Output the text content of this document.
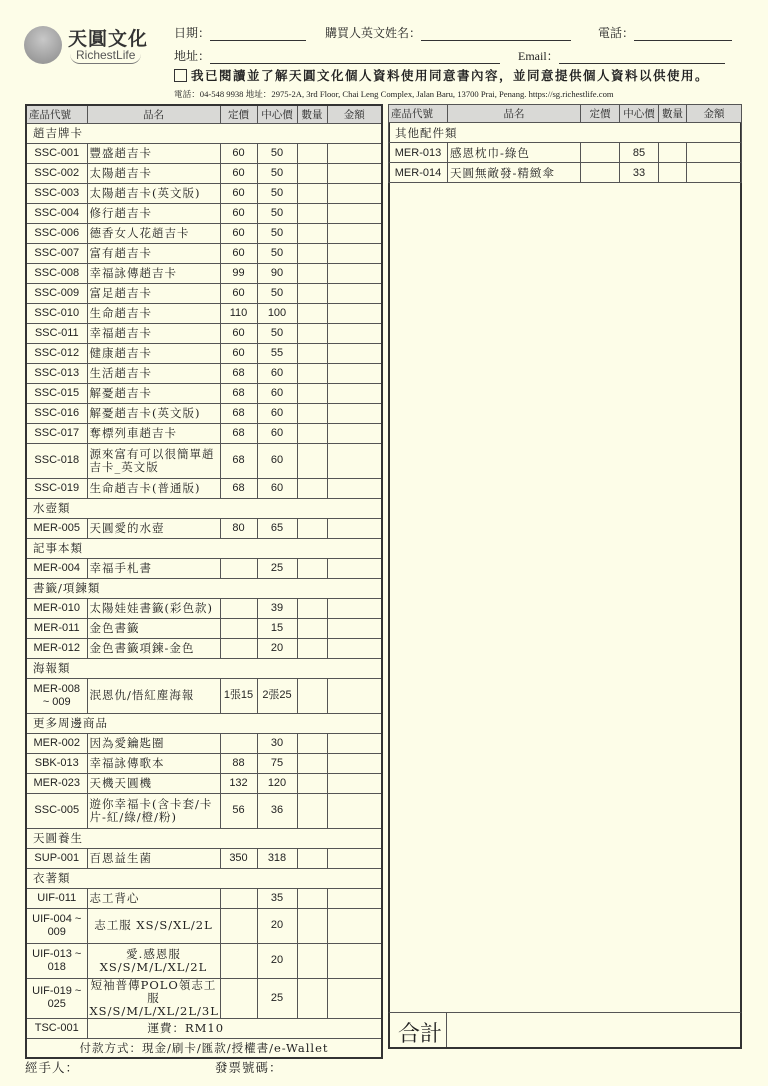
天圓文化
RichestLife
日期：	購買人英文姓名：	電話：
地址：	Email：
我已閱讀並了解天圓文化個人資料使用同意書內容，並同意提供個人資料以供使用。
電話：04-548 9938 地址：2975-2A, 3rd Floor, Chai Leng Complex, Jalan Baru, 13700 Prai, Penang. https://sg.richestlife.com
產品代號	品名	定價	中心價	數量	金額
趙吉牌卡					
SSC-001	豐盛趙吉卡	60	50		
SSC-002	太陽趙吉卡	60	50		
SSC-003	太陽趙吉卡(英文版)	60	50		
SSC-004	修行趙吉卡	60	50		
SSC-006	德香女人花趙吉卡	60	50		
SSC-007	富有趙吉卡	60	50		
SSC-008	幸福詠傳趙吉卡	99	90		
SSC-009	富足趙吉卡	60	50		
SSC-010	生命趙吉卡	110	100		
SSC-011	幸福趙吉卡	60	50		
SSC-012	健康趙吉卡	60	55		
SSC-013	生活趙吉卡	68	60		
SSC-015	解憂趙吉卡	68	60		
SSC-016	解憂趙吉卡(英文版)	68	60		
SSC-017	奪標列車趙吉卡	68	60		
SSC-018	源來富有可以很簡單趙吉卡_英文版	68	60		
SSC-019	生命趙吉卡(普通版)	68	60		
水壺類					
MER-005	天圓愛的水壺	80	65		
記事本類					
MER-004	幸福手札書		25		
書籤/項鍊類					
MER-010	太陽娃娃書籤(彩色款)		39		
MER-011	金色書籤		15		
MER-012	金色書籤項鍊-金色		20		
海報類					
MER-008 ~ 009	泯恩仇/悟紅塵海報	1張15	2張25		
更多周邊商品					
MER-002	因為愛鑰匙圈		30		
SBK-013	幸福詠傳歌本	88	75		
MER-023	天機天圓機	132	120		
SSC-005	遊你幸福卡(含卡套/卡片-紅/綠/橙/粉)	56	36		
天圓養生					
SUP-001	百恩益生菌	350	318		
衣著類					
UIF-011	志工背心		35		
UIF-004 ~ 009	志工服 XS/S/XL/2L		20		
UIF-013 ~ 018	愛.感恩服 XS/S/M/L/XL/2L		20		
UIF-019 ~ 025	短袖普傳POLO領志工服 XS/S/M/L/XL/2L/3L		25		
TSC-001	運費：RM10				
付款方式：現金/刷卡/匯款/授權書/e-Wallet					
產品代號	品名	定價	中心價	數量	金額
其他配件類					
MER-013	感恩枕巾-綠色		85		
MER-014	天圓無敵發-精緻傘		33		
合計
經手人：	發票號碼：
